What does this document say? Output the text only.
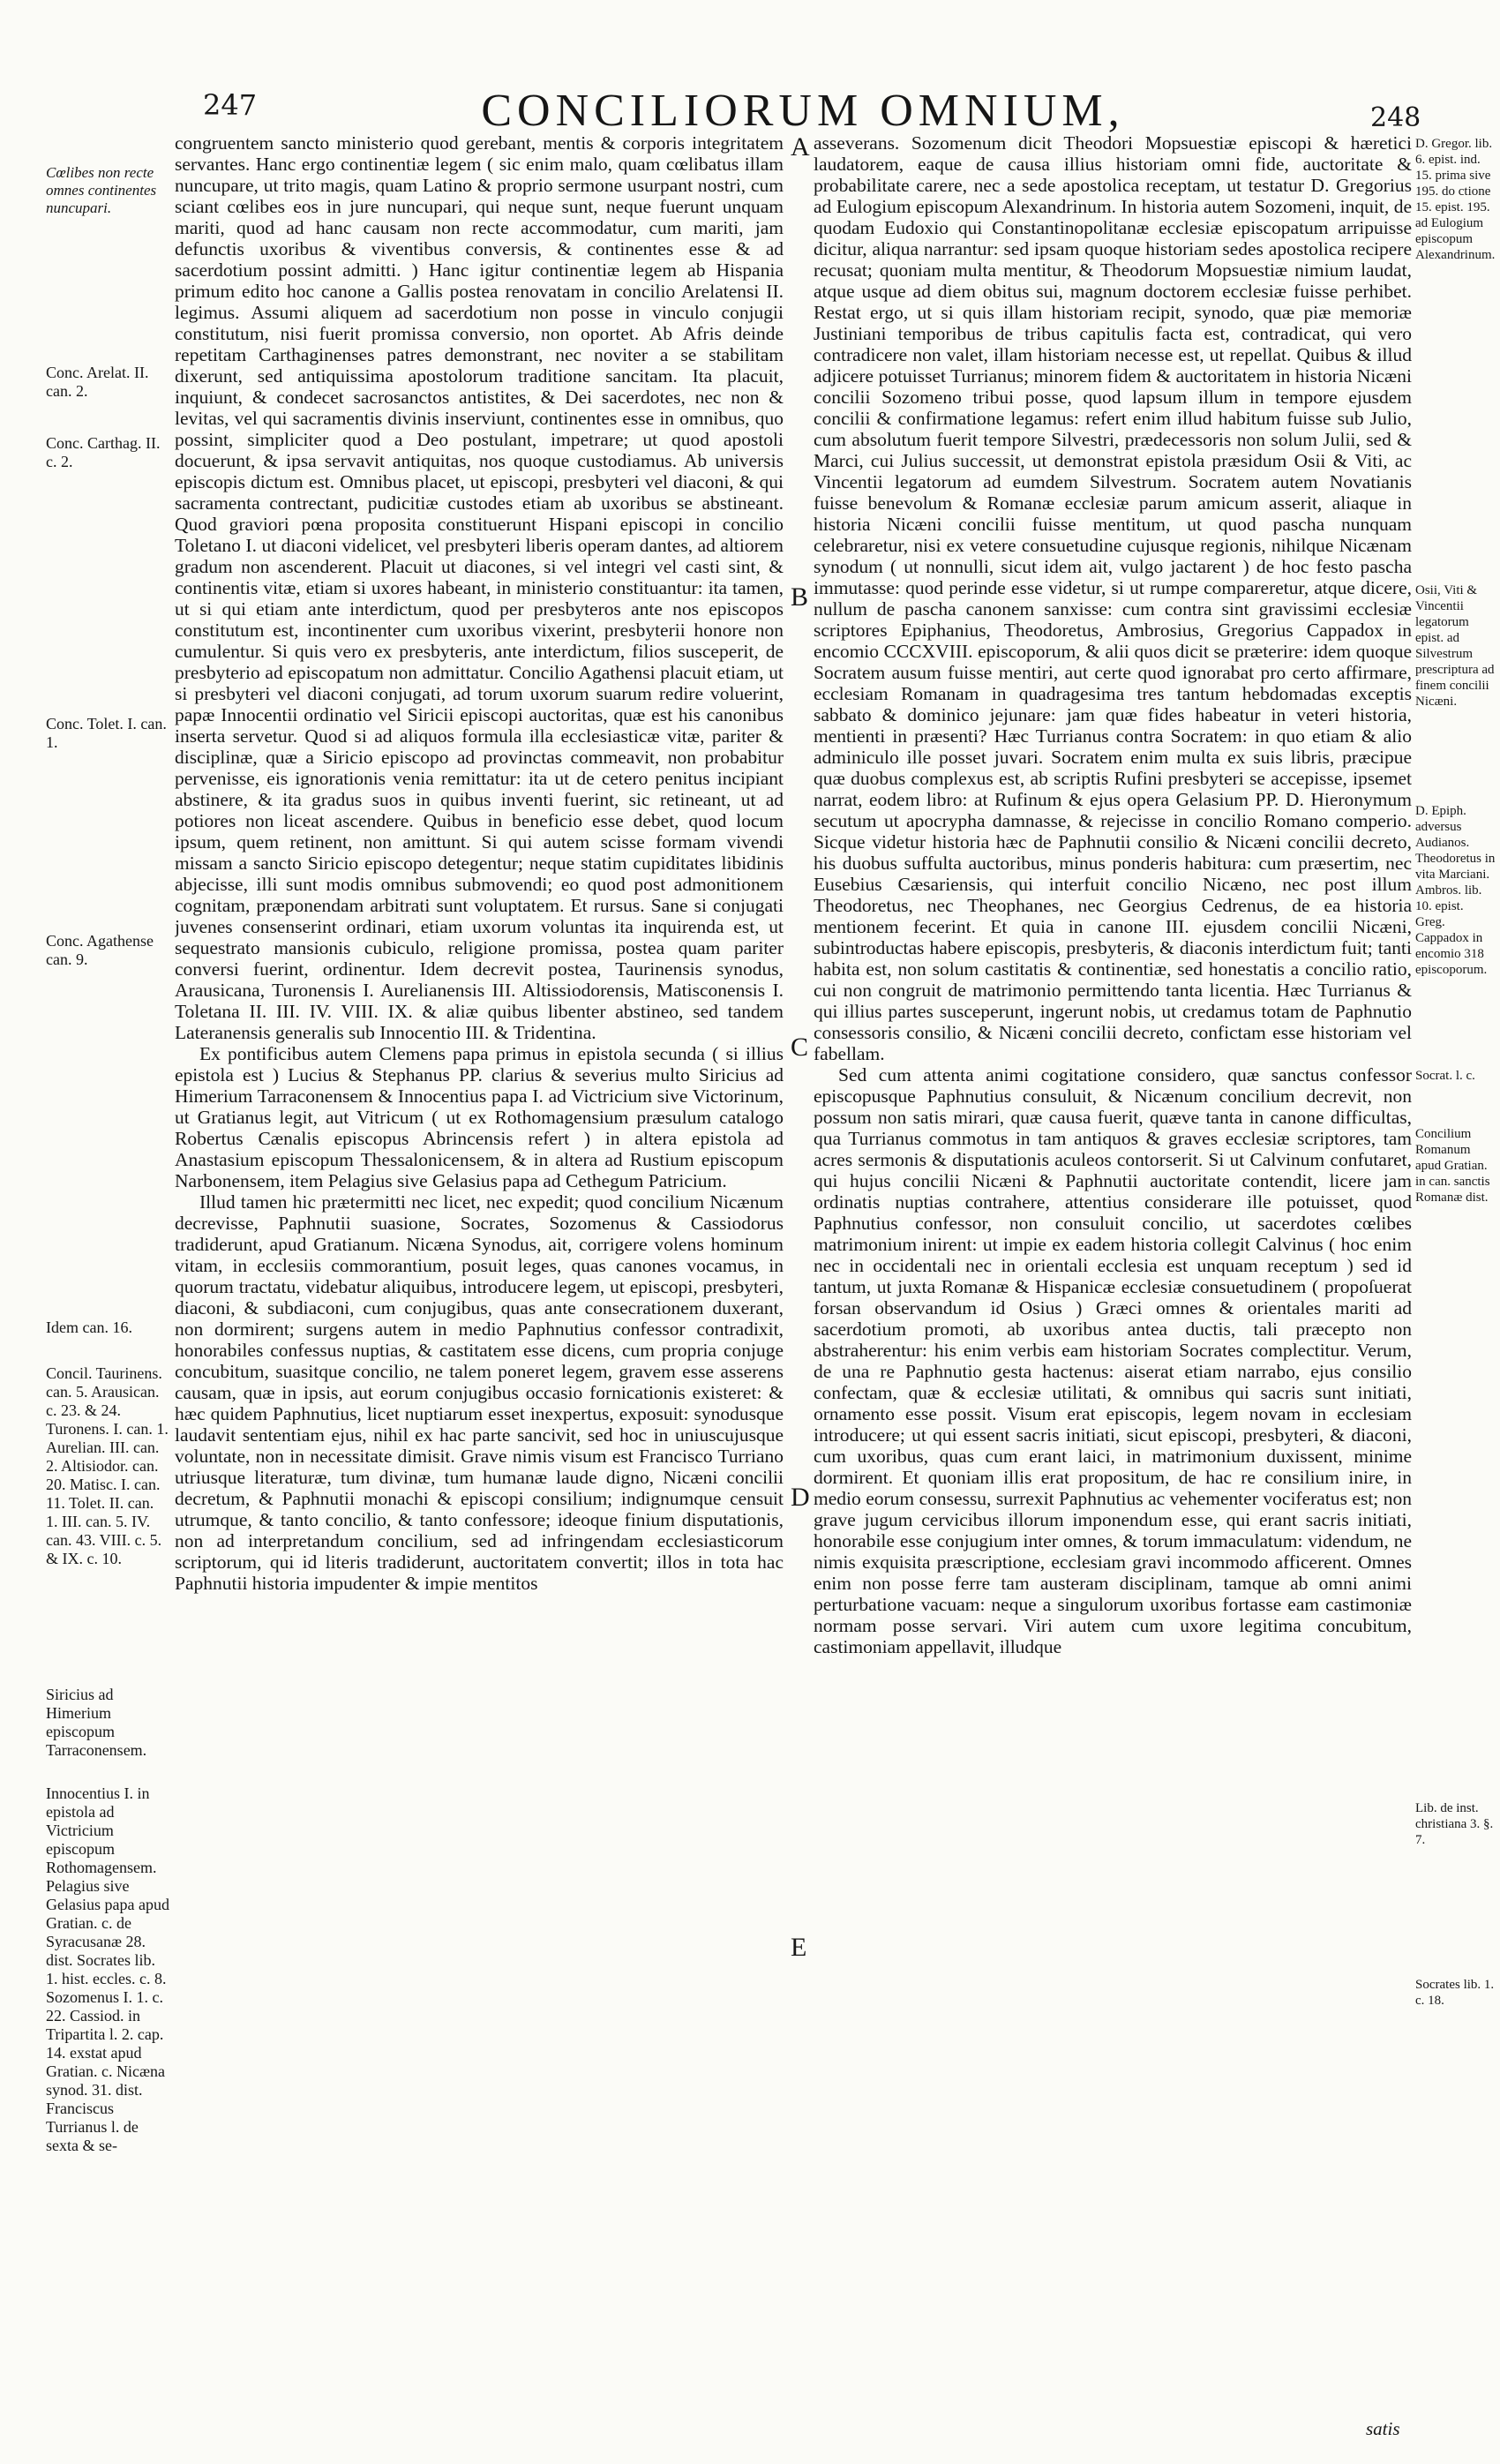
247	CONCILIORUM OMNIUM,	248
Cœlibes non recte omnes continentes nuncupari.
Conc. Arelat. II. can. 2.
Conc. Carthag. II. c. 2.
Conc. Tolet. I. can. 1.
Conc. Agathense can. 9.
Idem can. 16.
Concil. Taurinens. can. 5. Arausican. c. 23. & 24. Turonens. I. can. 1. Aurelian. III. can. 2. Altisiodor. can. 20. Matisc. I. can. 11. Tolet. II. can. 1. III. can. 5. IV. can. 43. VIII. c. 5. & IX. c. 10.
Siricius ad Himerium episcopum Tarraconensem.
Innocentius I. in epistola ad Victricium episcopum Rothomagensem. Pelagius sive Gelasius papa apud Gratian. c. de Syracusanæ 28. dist. Socrates lib. 1. hist. eccles. c. 8. Sozomenus I. 1. c. 22. Cassiod. in Tripartita l. 2. cap. 14. exstat apud Gratian. c. Nicæna synod. 31. dist. Franciscus Turrianus l. de sexta & se-

congruentem sancto ministerio quod gerebant, mentis & corporis integritatem servantes. Hanc ergo continentiæ legem ( sic enim malo, quam cœlibatus illam nuncupare, ut trito magis, quam Latino & proprio sermone usurpant nostri, cum sciant cœlibes eos in jure nuncupari, qui neque sunt, neque fuerunt unquam mariti, quod ad hanc causam non recte accommodatur, cum mariti, jam defunctis uxoribus & viventibus conversis, & continentes esse & ad sacerdotium possint admitti. ) Hanc igitur continentiæ legem ab Hispania primum edito hoc canone a Gallis postea renovatam in concilio Arelatensi II. legimus. Assumi aliquem ad sacerdotium non posse in vinculo conjugii constitutum, nisi fuerit promissa conversio, non oportet. Ab Afris deinde repetitam Carthaginenses patres demonstrant, nec noviter a se stabilitam dixerunt, sed antiquissima apostolorum traditione sancitam. Ita placuit, inquiunt, & condecet sacrosanctos antistites, & Dei sacerdotes, nec non & levitas, vel qui sacramentis divinis inserviunt, continentes esse in omnibus, quo possint, simpliciter quod a Deo postulant, impetrare; ut quod apostoli docuerunt, & ipsa servavit antiquitas, nos quoque custodiamus. Ab universis episcopis dictum est. Omnibus placet, ut episcopi, presbyteri vel diaconi, & qui sacramenta contrectant, pudicitiæ custodes etiam ab uxoribus se abstineant. Quod graviori pœna proposita constituerunt Hispani episcopi in concilio Toletano I. ut diaconi videlicet, vel presbyteri liberis operam dantes, ad altiorem gradum non ascenderent. Placuit ut diacones, si vel integri vel casti sint, & continentis vitæ, etiam si uxores habeant, in ministerio constituantur: ita tamen, ut si qui etiam ante interdictum, quod per presbyteros ante nos episcopos constitutum est, incontinenter cum uxoribus vixerint, presbyterii honore non cumulentur. Si quis vero ex presbyteris, ante interdictum, filios susceperit, de presbyterio ad episcopatum non admittatur. Concilio Agathensi placuit etiam, ut si presbyteri vel diaconi conjugati, ad torum uxorum suarum redire voluerint, papæ Innocentii ordinatio vel Siricii episcopi auctoritas, quæ est his canonibus inserta servetur. Quod si ad aliquos formula illa ecclesiasticæ vitæ, pariter & disciplinæ, quæ a Siricio episcopo ad provinctas commeavit, non probabitur pervenisse, eis ignorationis venia remittatur: ita ut de cetero penitus incipiant abstinere, & ita gradus suos in quibus inventi fuerint, sic retineant, ut ad potiores non liceat ascendere. Quibus in beneficio esse debet, quod locum ipsum, quem retinent, non amittunt. Si qui autem scisse formam vivendi missam a sancto Siricio episcopo detegentur; neque statim cupiditates libidinis abjecisse, illi sunt modis omnibus submovendi; eo quod post admonitionem cognitam, præponendam arbitrati sunt voluptatem. Et rursus. Sane si conjugati juvenes consenserint ordinari, etiam uxorum voluntas ita inquirenda est, ut sequestrato mansionis cubiculo, religione promissa, postea quam pariter conversi fuerint, ordinentur. Idem decrevit postea, Taurinensis synodus, Arausicana, Turonensis I. Aurelianensis III. Altissiodorensis, Matisconensis I. Toletana II. III. IV. VIII. IX. & aliæ quibus libenter abstineo, sed tandem Lateranensis generalis sub Innocentio III. & Tridentina.

Ex pontificibus autem Clemens papa primus in epistola secunda ( si illius epistola est ) Lucius & Stephanus PP. clarius & severius multo Siricius ad Himerium Tarraconensem & Innocentius papa I. ad Victricium sive Victorinum, ut Gratianus legit, aut Vitricum ( ut ex Rothomagensium præsulum catalogo Robertus Cænalis episcopus Abrincensis refert ) in altera epistola ad Anastasium episcopum Thessalonicensem, & in altera ad Rustium episcopum Narbonensem, item Pelagius sive Gelasius papa ad Cethegum Patricium.

Illud tamen hic prætermitti nec licet, nec expedit; quod concilium Nicænum decrevisse, Paphnutii suasione, Socrates, Sozomenus & Cassiodorus tradiderunt, apud Gratianum. Nicæna Synodus, ait, corrigere volens hominum vitam, in ecclesiis commorantium, posuit leges, quas canones vocamus, in quorum tractatu, videbatur aliquibus, introducere legem, ut episcopi, presbyteri, diaconi, & subdiaconi, cum conjugibus, quas ante consecrationem duxerant, non dormirent; surgens autem in medio Paphnutius confessor contradixit, honorabiles confessus nuptias, & castitatem esse dicens, cum propria conjuge concubitum, suasitque concilio, ne talem poneret legem, gravem esse asserens causam, quæ in ipsis, aut eorum conjugibus occasio fornicationis existeret: & hæc quidem Paphnutius, licet nuptiarum esset inexpertus, exposuit: synodusque laudavit sententiam ejus, nihil ex hac parte sancivit, sed hoc in uniuscujusque voluntate, non in necessitate dimisit. Grave nimis visum est Francisco Turriano utriusque literaturæ, tum divinæ, tum humanæ laude digno, Nicæni concilii decretum, & Paphnutii monachi & episcopi consilium; indignumque censuit utrumque, & tanto concilio, & tanto confessore; ideoque finium disputationis, non ad interpretandum concilium, sed ad infringendam ecclesiasticorum scriptorum, qui id literis tradiderunt, auctoritatem convertit; illos in tota hac Paphnutii historia impudenter & impie mentitos

A
B
C
D
E

asseverans. Sozomenum dicit Theodori Mopsuestiæ episcopi & hæretici laudatorem, eaque de causa illius historiam omni fide, auctoritate & probabilitate carere, nec a sede apostolica receptam, ut testatur D. Gregorius ad Eulogium episcopum Alexandrinum. In historia autem Sozomeni, inquit, de quodam Eudoxio qui Constantinopolitanæ ecclesiæ episcopatum arripuisse dicitur, aliqua narrantur: sed ipsam quoque historiam sedes apostolica recipere recusat; quoniam multa mentitur, & Theodorum Mopsuestiæ nimium laudat, atque usque ad diem obitus sui, magnum doctorem ecclesiæ fuisse perhibet. Restat ergo, ut si quis illam historiam recipit, synodo, quæ piæ memoriæ Justiniani temporibus de tribus capitulis facta est, contradicat, qui vero contradicere non valet, illam historiam necesse est, ut repellat. Quibus & illud adjicere potuisset Turrianus; minorem fidem & auctoritatem in historia Nicæni concilii Sozomeno tribui posse, quod lapsum illum in tempore ejusdem concilii & confirmatione legamus: refert enim illud habitum fuisse sub Julio, cum absolutum fuerit tempore Silvestri, prædecessoris non solum Julii, sed & Marci, cui Julius successit, ut demonstrat epistola præsidum Osii & Viti, ac Vincentii legatorum ad eumdem Silvestrum. Socratem autem Novatianis fuisse benevolum & Romanæ ecclesiæ parum amicum asserit, aliaque in historia Nicæni concilii fuisse mentitum, ut quod pascha nunquam celebraretur, nisi ex vetere consuetudine cujusque regionis, nihilque Nicænam synodum ( ut nonnulli, sicut idem ait, vulgo jactarent ) de hoc festo pascha immutasse: quod perinde esse videtur, si ut rumpe compareretur, atque dicere, nullum de pascha canonem sanxisse: cum contra sint gravissimi ecclesiæ scriptores Epiphanius, Theodoretus, Ambrosius, Gregorius Cappadox in encomio CCCXVIII. episcoporum, & alii quos dicit se præterire: idem quoque Socratem ausum fuisse mentiri, aut certe quod ignorabat pro certo affirmare, ecclesiam Romanam in quadragesima tres tantum hebdomadas exceptis sabbato & dominico jejunare: jam quæ fides habeatur in veteri historia, mentienti in præsenti? Hæc Turrianus contra Socratem: in quo etiam & alio adminiculo ille posset juvari. Socratem enim multa ex suis libris, præcipue quæ duobus complexus est, ab scriptis Rufini presbyteri se accepisse, ipsemet narrat, eodem libro: at Rufinum & ejus opera Gelasium PP. D. Hieronymum secutum ut apocrypha damnasse, & rejecisse in concilio Romano comperio. Sicque videtur historia hæc de Paphnutii consilio & Nicæni concilii decreto, his duobus suffulta auctoribus, minus ponderis habitura: cum præsertim, nec Eusebius Cæsariensis, qui interfuit concilio Nicæno, nec post illum Theodoretus, nec Theophanes, nec Georgius Cedrenus, de ea historia mentionem fecerint. Et quia in canone III. ejusdem concilii Nicæni, subintroductas habere episcopis, presbyteris, & diaconis interdictum fuit; tanti habita est, non solum castitatis & continentiæ, sed honestatis a concilio ratio, cui non congruit de matrimonio permittendo tanta licentia. Hæc Turrianus & qui illius partes susceperunt, ingerunt nobis, ut credamus totam de Paphnutio consessoris consilio, & Nicæni concilii decreto, confictam esse historiam vel fabellam.

Sed cum attenta animi cogitatione considero, quæ sanctus confessor episcopusque Paphnutius consuluit, & Nicænum concilium decrevit, non possum non satis mirari, quæ causa fuerit, quæve tanta in canone difficultas, qua Turrianus commotus in tam antiquos & graves ecclesiæ scriptores, tam acres sermonis & disputationis aculeos contorserit. Si ut Calvinum confutaret, qui hujus concilii Nicæni & Paphnutii auctoritate contendit, licere jam ordinatis nuptias contrahere, attentius considerare ille potuisset, quod Paphnutius confessor, non consuluit concilio, ut sacerdotes cœlibes matrimonium inirent: ut impie ex eadem historia collegit Calvinus ( hoc enim nec in occidentali nec in orientali ecclesia est unquam receptum ) sed id tantum, ut juxta Romanæ & Hispanicæ ecclesiæ consuetudinem ( propoſuerat forsan observandum id Osius ) Græci omnes & orientales mariti ad sacerdotium promoti, ab uxoribus antea ductis, tali præcepto non abstraherentur: his enim verbis eam historiam Socrates complectitur. Verum, de una re Paphnutio gesta hactenus: aiserat etiam narrabo, ejus consilio confectam, quæ & ecclesiæ utilitati, & omnibus qui sacris sunt initiati, ornamento esse possit. Visum erat episcopis, legem novam in ecclesiam introducere; ut qui essent sacris initiati, sicut episcopi, presbyteri, & diaconi, cum uxoribus, quas cum erant laici, in matrimonium duxissent, minime dormirent. Et quoniam illis erat propositum, de hac re consilium inire, in medio eorum consessu, surrexit Paphnutius ac vehementer vociferatus est; non grave jugum cervicibus illorum imponendum esse, qui erant sacris initiati, honorabile esse conjugium inter omnes, & torum immaculatum: videndum, ne nimis exquisita præscriptione, ecclesiam gravi incommodo afficerent. Omnes enim non posse ferre tam austeram disciplinam, tamque ab omni animi perturbatione vacuam: neque a singulorum uxoribus fortasse eam castimoniæ normam posse servari. Viri autem cum uxore legitima concubitum, castimoniam appellavit, illudque

D. Gregor. lib. 6. epist. ind. 15. prima sive 195. do ctione 15. epist. 195. ad Eulogium episcopum Alexandrinum.
Osii, Viti & Vincentii legatorum epist. ad Silvestrum prescriptura ad finem concilii Nicæni.
D. Epiph. adversus Audianos. Theodoretus in vita Marciani. Ambros. lib. 10. epist. Greg. Cappadox in encomio 318 episcoporum.
Socrat. l. c.
Concilium Romanum apud Gratian. in can. sanctis Romanæ dist.
Lib. de inst. christiana 3. §. 7.
Socrates lib. 1. c. 18.
satis
